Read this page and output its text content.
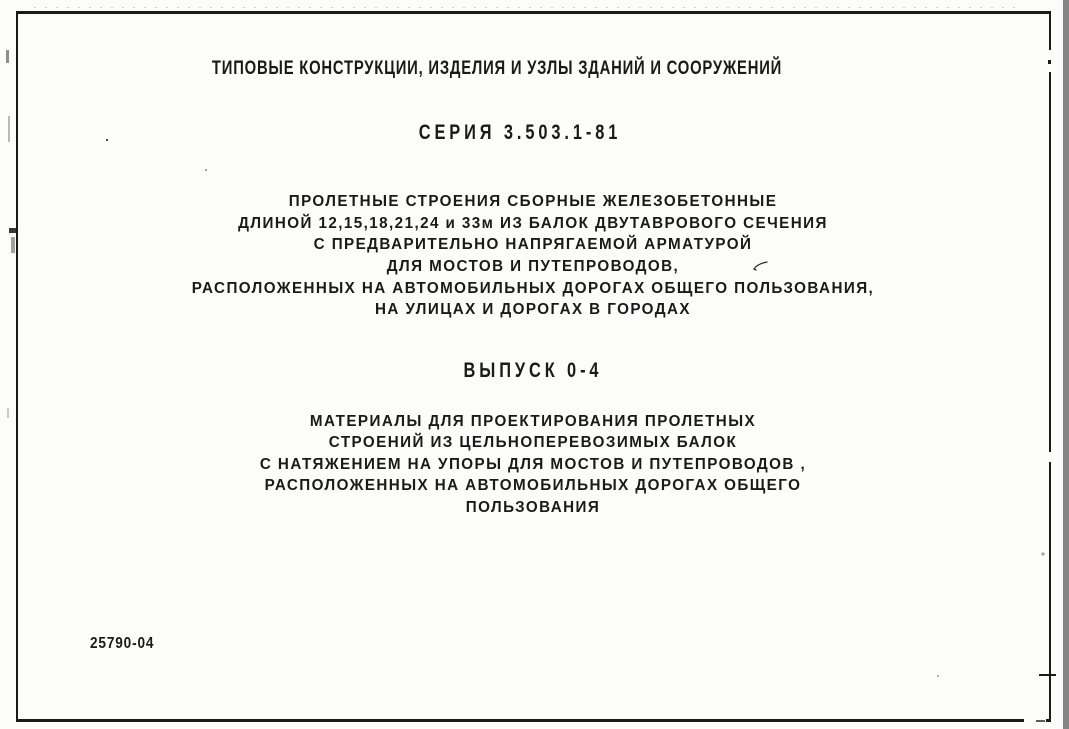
ТИПОВЫЕ КОНСТРУКЦИИ, ИЗДЕЛИЯ И УЗЛЫ ЗДАНИЙ И СООРУЖЕНИЙ
СЕРИЯ 3.503.1-81
ПРОЛЕТНЫЕ СТРОЕНИЯ СБОРНЫЕ ЖЕЛЕЗОБЕТОННЫЕ
ДЛИНОЙ 12,15,18,21,24 и 33м ИЗ БАЛОК ДВУТАВРОВОГО СЕЧЕНИЯ
С ПРЕДВАРИТЕЛЬНО НАПРЯГАЕМОЙ АРМАТУРОЙ
ДЛЯ МОСТОВ И ПУТЕПРОВОДОВ,
РАСПОЛОЖЕННЫХ НА АВТОМОБИЛЬНЫХ ДОРОГАХ ОБЩЕГО ПОЛЬЗОВАНИЯ,
НА УЛИЦАХ И ДОРОГАХ В ГОРОДАХ
ВЫПУСК 0-4
МАТЕРИАЛЫ ДЛЯ ПРОЕКТИРОВАНИЯ ПРОЛЕТНЫХ
СТРОЕНИЙ ИЗ ЦЕЛЬНОПЕРЕВОЗИМЫХ БАЛОК
С НАТЯЖЕНИЕМ НА УПОРЫ ДЛЯ МОСТОВ И ПУТЕПРОВОДОВ ,
РАСПОЛОЖЕННЫХ НА АВТОМОБИЛЬНЫХ ДОРОГАХ ОБЩЕГО
ПОЛЬЗОВАНИЯ
25790-04
